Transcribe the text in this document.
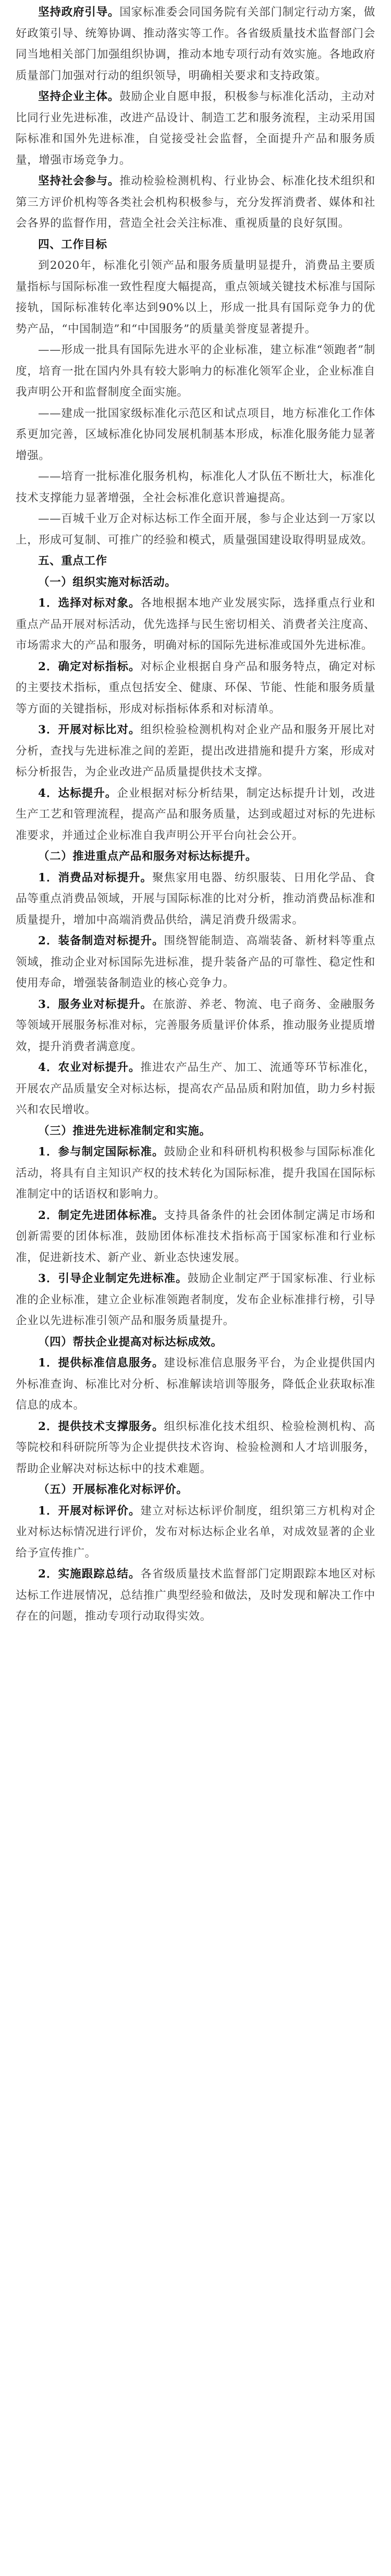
坚持政府引导。国家标准委会同国务院有关部门制定行动方案，做好政策引导、统筹协调、推动落实等工作。各省级质量技术监督部门会同当地相关部门加强组织协调，推动本地专项行动有效实施。各地政府质量部门加强对行动的组织领导，明确相关要求和支持政策。

坚持企业主体。鼓励企业自愿申报，积极参与标准化活动，主动对比同行业先进标准，改进产品设计、制造工艺和服务流程，主动采用国际标准和国外先进标准，自觉接受社会监督，全面提升产品和服务质量，增强市场竞争力。

坚持社会参与。推动检验检测机构、行业协会、标准化技术组织和第三方评价机构等各类社会机构积极参与，充分发挥消费者、媒体和社会各界的监督作用，营造全社会关注标准、重视质量的良好氛围。

四、工作目标

到2020年，标准化引领产品和服务质量明显提升，消费品主要质量指标与国际标准一致性程度大幅提高，重点领域关键技术标准与国际接轨，国际标准转化率达到90%以上，形成一批具有国际竞争力的优势产品，“中国制造”和“中国服务”的质量美誉度显著提升。

——形成一批具有国际先进水平的企业标准，建立标准“领跑者”制度，培育一批在国内外具有较大影响力的标准化领军企业，企业标准自我声明公开和监督制度全面实施。

——建成一批国家级标准化示范区和试点项目，地方标准化工作体系更加完善，区域标准化协同发展机制基本形成，标准化服务能力显著增强。

——培育一批标准化服务机构，标准化人才队伍不断壮大，标准化技术支撑能力显著增强，全社会标准化意识普遍提高。

——百城千业万企对标达标工作全面开展，参与企业达到一万家以上，形成可复制、可推广的经验和模式，质量强国建设取得明显成效。

五、重点工作

（一）组织实施对标活动。

1．选择对标对象。各地根据本地产业发展实际，选择重点行业和重点产品开展对标活动，优先选择与民生密切相关、消费者关注度高、市场需求大的产品和服务，明确对标的国际先进标准或国外先进标准。

2．确定对标指标。对标企业根据自身产品和服务特点，确定对标的主要技术指标，重点包括安全、健康、环保、节能、性能和服务质量等方面的关键指标，形成对标指标体系和对标清单。

3．开展对标比对。组织检验检测机构对企业产品和服务开展比对分析，查找与先进标准之间的差距，提出改进措施和提升方案，形成对标分析报告，为企业改进产品质量提供技术支撑。

4．达标提升。企业根据对标分析结果，制定达标提升计划，改进生产工艺和管理流程，提高产品和服务质量，达到或超过对标的先进标准要求，并通过企业标准自我声明公开平台向社会公开。

（二）推进重点产品和服务对标达标提升。

1．消费品对标提升。聚焦家用电器、纺织服装、日用化学品、食品等重点消费品领域，开展与国际标准的比对分析，推动消费品标准和质量提升，增加中高端消费品供给，满足消费升级需求。

2．装备制造对标提升。围绕智能制造、高端装备、新材料等重点领域，推动企业对标国际先进标准，提升装备产品的可靠性、稳定性和使用寿命，增强装备制造业的核心竞争力。

3．服务业对标提升。在旅游、养老、物流、电子商务、金融服务等领域开展服务标准对标，完善服务质量评价体系，推动服务业提质增效，提升消费者满意度。

4．农业对标提升。推进农产品生产、加工、流通等环节标准化，开展农产品质量安全对标达标，提高农产品品质和附加值，助力乡村振兴和农民增收。

（三）推进先进标准制定和实施。

1．参与制定国际标准。鼓励企业和科研机构积极参与国际标准化活动，将具有自主知识产权的技术转化为国际标准，提升我国在国际标准制定中的话语权和影响力。

2．制定先进团体标准。支持具备条件的社会团体制定满足市场和创新需要的团体标准，鼓励团体标准技术指标高于国家标准和行业标准，促进新技术、新产业、新业态快速发展。

3．引导企业制定先进标准。鼓励企业制定严于国家标准、行业标准的企业标准，建立企业标准领跑者制度，发布企业标准排行榜，引导企业以先进标准引领产品和服务质量提升。

（四）帮扶企业提高对标达标成效。

1．提供标准信息服务。建设标准信息服务平台，为企业提供国内外标准查询、标准比对分析、标准解读培训等服务，降低企业获取标准信息的成本。

2．提供技术支撑服务。组织标准化技术组织、检验检测机构、高等院校和科研院所等为企业提供技术咨询、检验检测和人才培训服务，帮助企业解决对标达标中的技术难题。

（五）开展标准化对标评价。

1．开展对标评价。建立对标达标评价制度，组织第三方机构对企业对标达标情况进行评价，发布对标达标企业名单，对成效显著的企业给予宣传推广。

2．实施跟踪总结。各省级质量技术监督部门定期跟踪本地区对标达标工作进展情况，总结推广典型经验和做法，及时发现和解决工作中存在的问题，推动专项行动取得实效。
